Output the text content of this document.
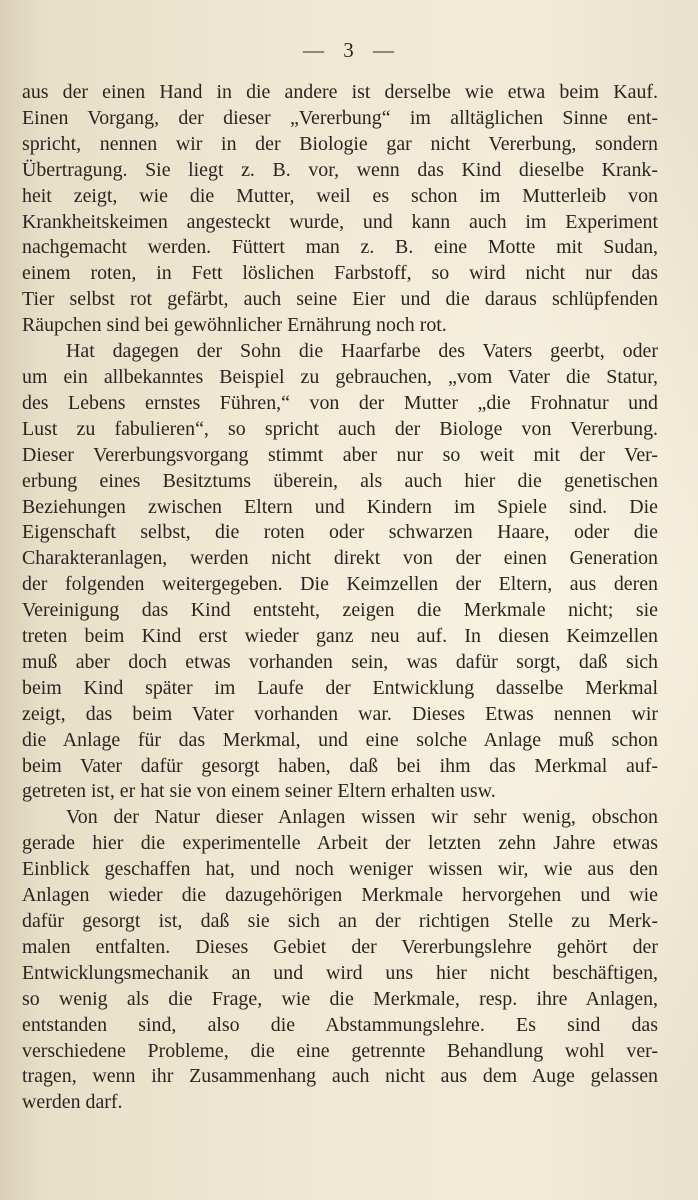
— 3 —
aus der einen Hand in die andere ist derselbe wie etwa beim Kauf.
Einen Vorgang, der dieser „Vererbung“ im alltäglichen Sinne ent-
spricht, nennen wir in der Biologie gar nicht Vererbung, sondern
Übertragung. Sie liegt z. B. vor, wenn das Kind dieselbe Krank-
heit zeigt, wie die Mutter, weil es schon im Mutterleib von
Krankheitskeimen angesteckt wurde, und kann auch im Experiment
nachgemacht werden. Füttert man z. B. eine Motte mit Sudan,
einem roten, in Fett löslichen Farbstoff, so wird nicht nur das
Tier selbst rot gefärbt, auch seine Eier und die daraus schlüpfenden
Räupchen sind bei gewöhnlicher Ernährung noch rot.
Hat dagegen der Sohn die Haarfarbe des Vaters geerbt, oder
um ein allbekanntes Beispiel zu gebrauchen, „vom Vater die Statur,
des Lebens ernstes Führen,“ von der Mutter „die Frohnatur und
Lust zu fabulieren“, so spricht auch der Biologe von Vererbung.
Dieser Vererbungsvorgang stimmt aber nur so weit mit der Ver-
erbung eines Besitztums überein, als auch hier die genetischen
Beziehungen zwischen Eltern und Kindern im Spiele sind. Die
Eigenschaft selbst, die roten oder schwarzen Haare, oder die
Charakteranlagen, werden nicht direkt von der einen Generation
der folgenden weitergegeben. Die Keimzellen der Eltern, aus deren
Vereinigung das Kind entsteht, zeigen die Merkmale nicht; sie
treten beim Kind erst wieder ganz neu auf. In diesen Keimzellen
muß aber doch etwas vorhanden sein, was dafür sorgt, daß sich
beim Kind später im Laufe der Entwicklung dasselbe Merkmal
zeigt, das beim Vater vorhanden war. Dieses Etwas nennen wir
die Anlage für das Merkmal, und eine solche Anlage muß schon
beim Vater dafür gesorgt haben, daß bei ihm das Merkmal auf-
getreten ist, er hat sie von einem seiner Eltern erhalten usw.
Von der Natur dieser Anlagen wissen wir sehr wenig, obschon
gerade hier die experimentelle Arbeit der letzten zehn Jahre etwas
Einblick geschaffen hat, und noch weniger wissen wir, wie aus den
Anlagen wieder die dazugehörigen Merkmale hervorgehen und wie
dafür gesorgt ist, daß sie sich an der richtigen Stelle zu Merk-
malen entfalten. Dieses Gebiet der Vererbungslehre gehört der
Entwicklungsmechanik an und wird uns hier nicht beschäftigen,
so wenig als die Frage, wie die Merkmale, resp. ihre Anlagen,
entstanden sind, also die Abstammungslehre. Es sind das
verschiedene Probleme, die eine getrennte Behandlung wohl ver-
tragen, wenn ihr Zusammenhang auch nicht aus dem Auge gelassen
werden darf.
